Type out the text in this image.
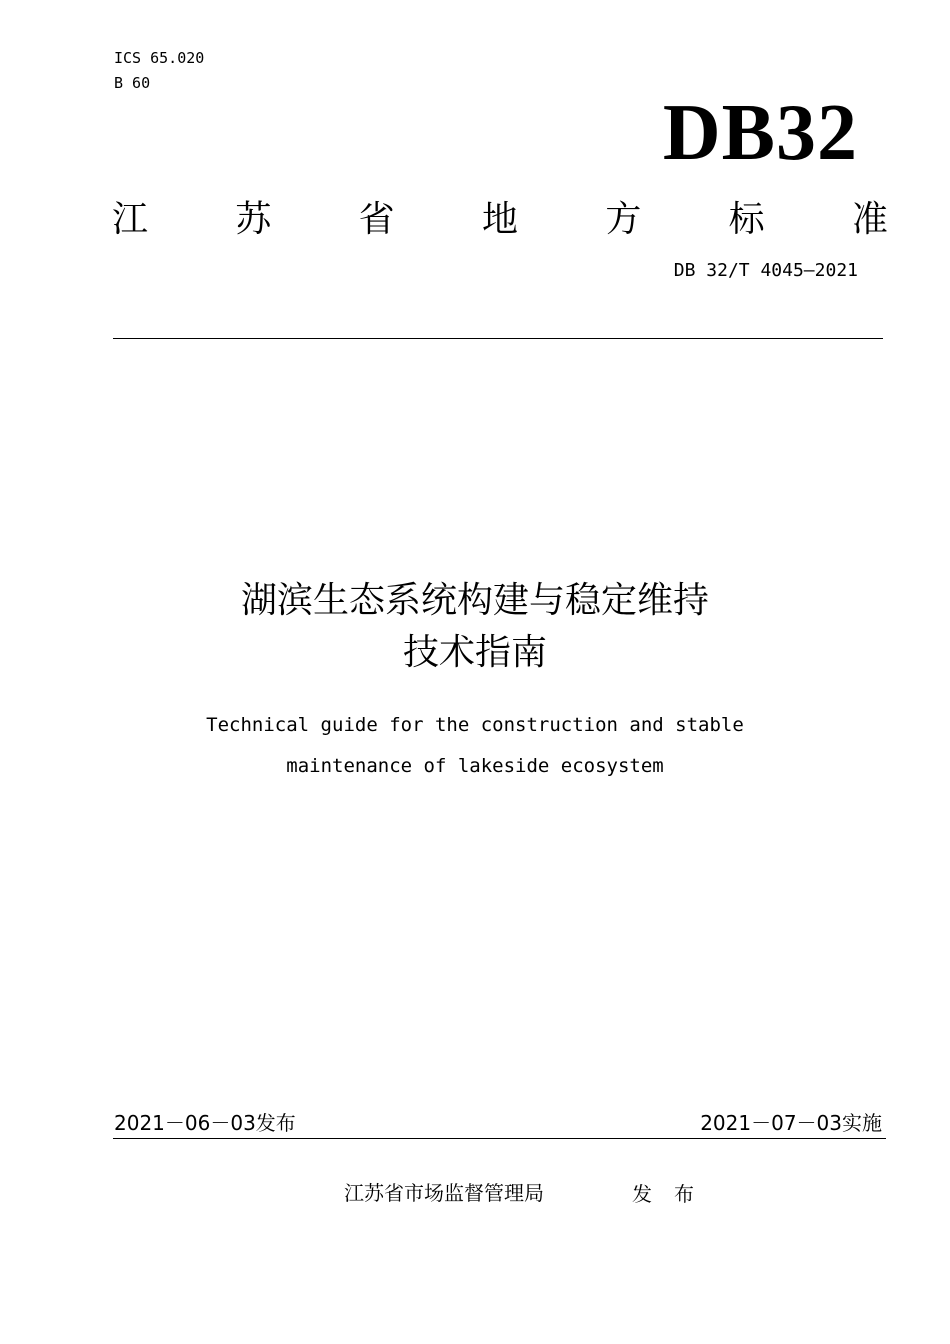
ICS 65.020
B 60
DB32
江 苏 省 地 方 标 准
DB 32/T 4045—2021
湖滨生态系统构建与稳定维持
技术指南
Technical guide for the construction and stable
maintenance of lakeside ecosystem
2021－06－03发布	2021－07－03实施
江苏省市场监督管理局	发布
